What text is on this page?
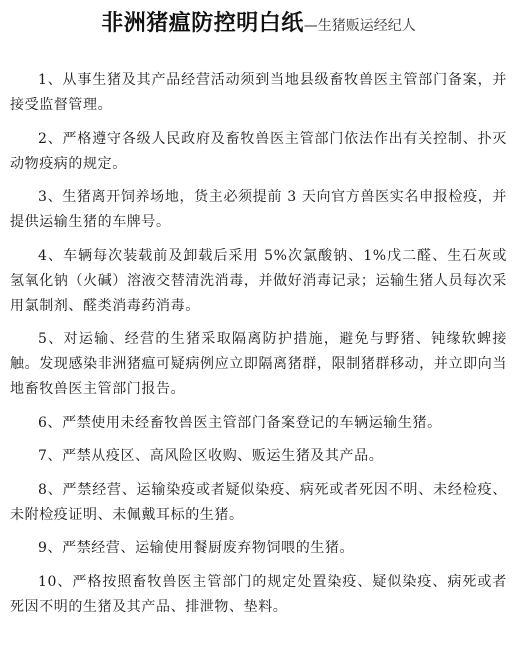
非洲猪瘟防控明白纸—生猪贩运经纪人

1、从事生猪及其产品经营活动须到当地县级畜牧兽医主管部门备案，并接受监督管理。

2、严格遵守各级人民政府及畜牧兽医主管部门依法作出有关控制、扑灭动物疫病的规定。

3、生猪离开饲养场地，货主必须提前 3 天向官方兽医实名申报检疫，并提供运输生猪的车牌号。

4、车辆每次装载前及卸载后采用 5%次氯酸钠、1%戊二醛、生石灰或氢氧化钠（火碱）溶液交替清洗消毒，并做好消毒记录；运输生猪人员每次采用氯制剂、醛类消毒药消毒。

5、对运输、经营的生猪采取隔离防护措施，避免与野猪、钝缘软蜱接触。发现感染非洲猪瘟可疑病例应立即隔离猪群，限制猪群移动，并立即向当地畜牧兽医主管部门报告。

6、严禁使用未经畜牧兽医主管部门备案登记的车辆运输生猪。

7、严禁从疫区、高风险区收购、贩运生猪及其产品。

8、严禁经营、运输染疫或者疑似染疫、病死或者死因不明、未经检疫、未附检疫证明、未佩戴耳标的生猪。

9、严禁经营、运输使用餐厨废弃物饲喂的生猪。

10、严格按照畜牧兽医主管部门的规定处置染疫、疑似染疫、病死或者死因不明的生猪及其产品、排泄物、垫料。
